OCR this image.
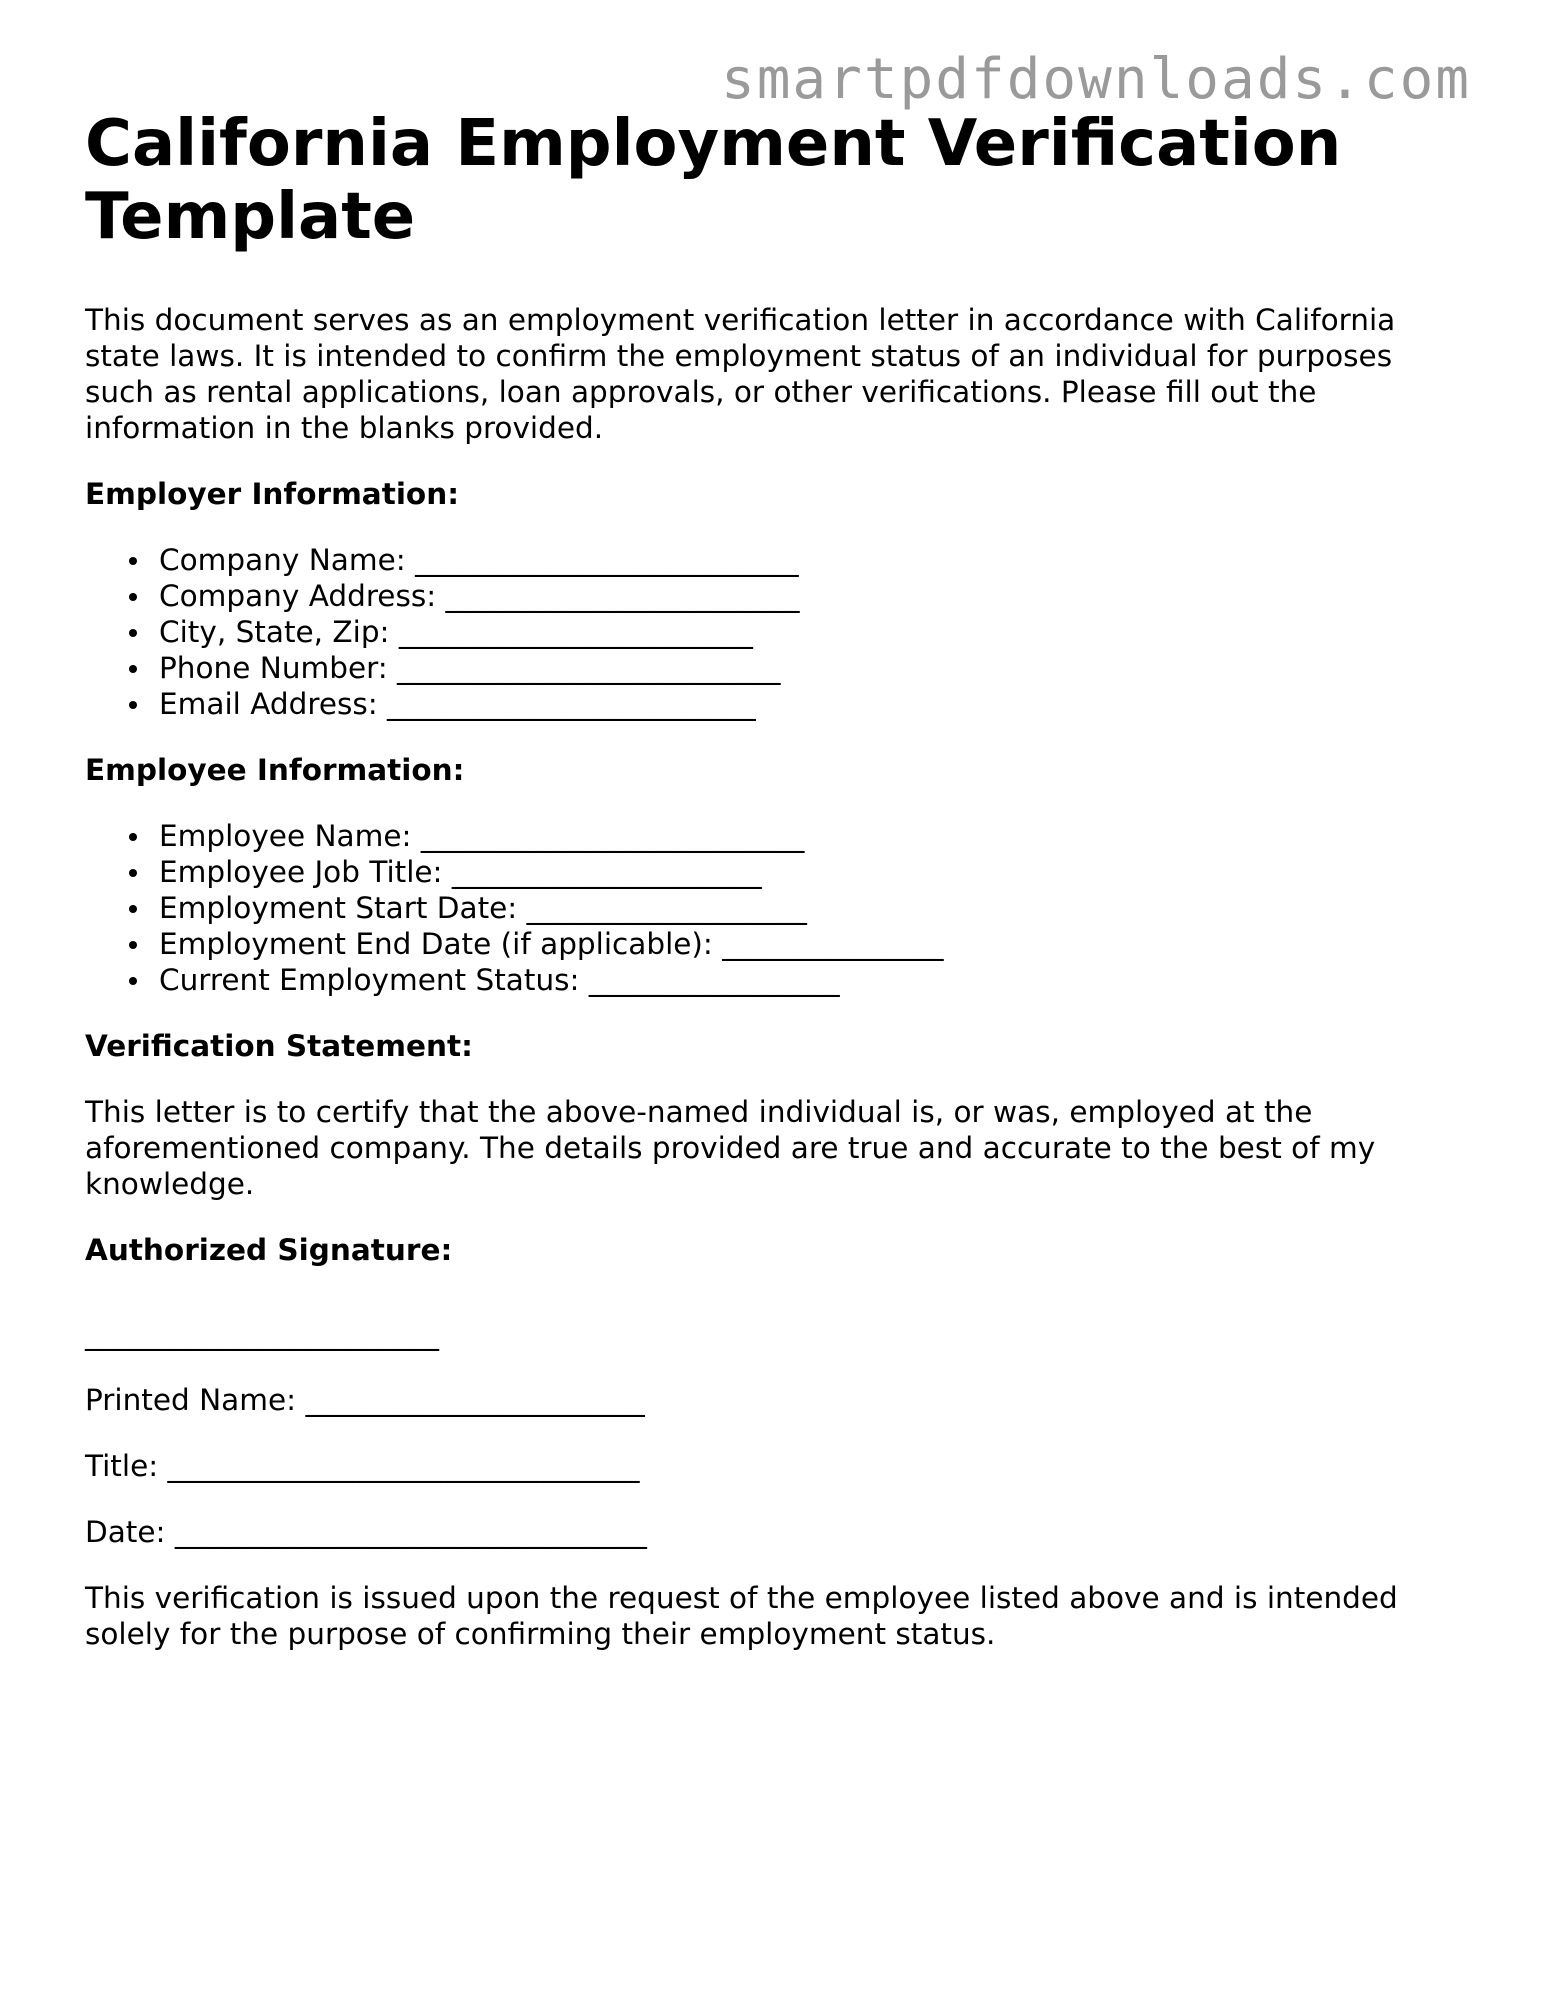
smartpdfdownloads.com
California Employment Verification Template

This document serves as an employment verification letter in accordance with California state laws. It is intended to confirm the employment status of an individual for purposes such as rental applications, loan approvals, or other verifications. Please fill out the information in the blanks provided.

Employer Information:

Company Name: __________________________
Company Address: ________________________
City, State, Zip: ________________________
Phone Number: __________________________
Email Address: _________________________

Employee Information:

Employee Name: __________________________
Employee Job Title: _____________________
Employment Start Date: ___________________
Employment End Date (if applicable): _______________
Current Employment Status: _________________

Verification Statement:

This letter is to certify that the above-named individual is, or was, employed at the aforementioned company. The details provided are true and accurate to the best of my knowledge.

Authorized Signature:

________________________

Printed Name: _______________________

Title: ________________________________

Date: ________________________________

This verification is issued upon the request of the employee listed above and is intended solely for the purpose of confirming their employment status.
